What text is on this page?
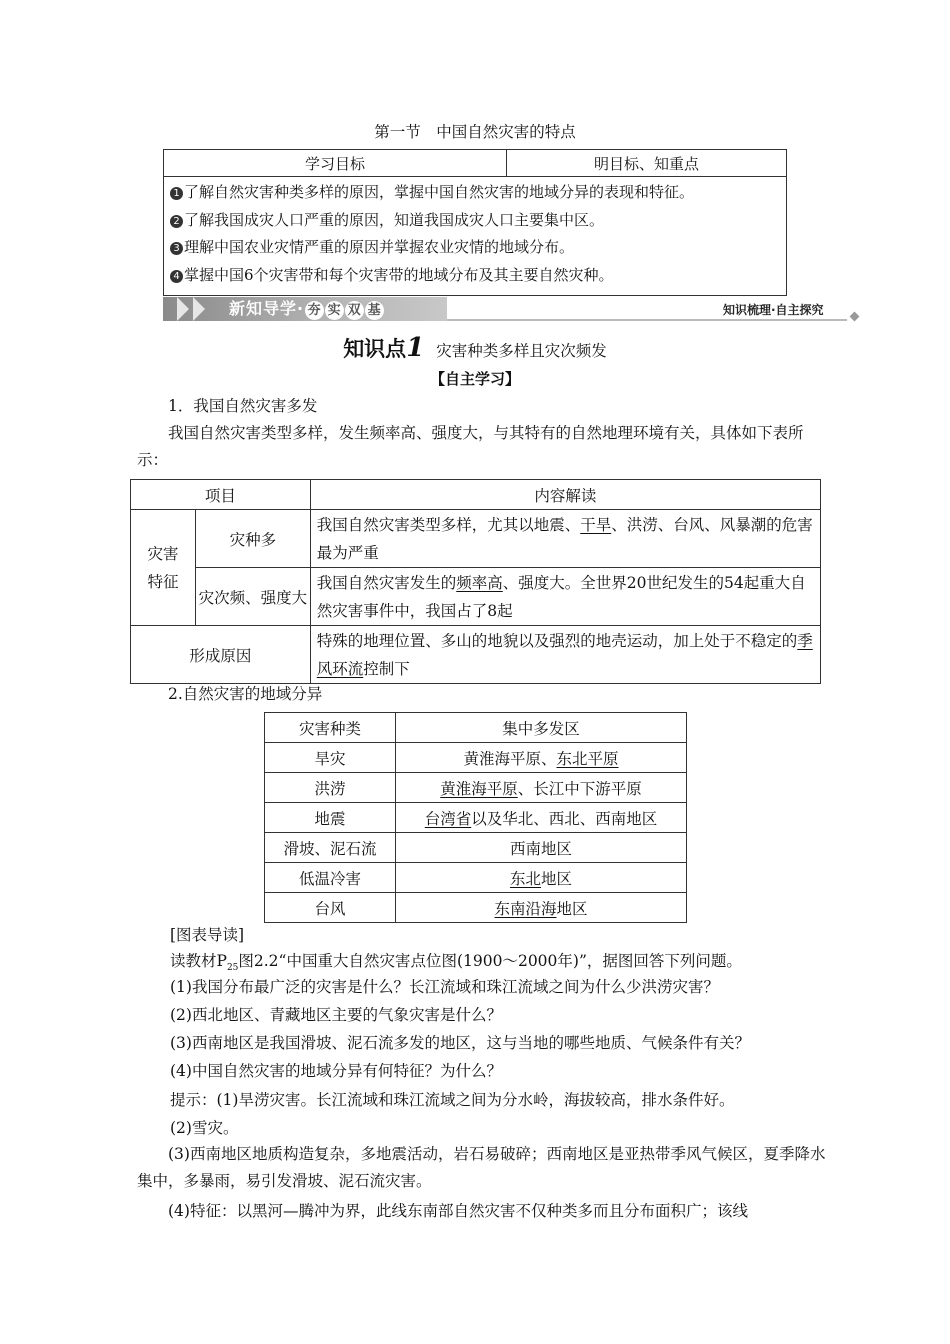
第一节　中国自然灾害的特点
学习目标	明目标、知重点

1 了解自然灾害种类多样的原因，掌握中国自然灾害的地域分异的表现和特征。
2 了解我国成灾人口严重的原因，知道我国成灾人口主要集中区。
3 理解中国农业灾情严重的原因并掌握农业灾情的地域分布。
4 掌握中国6个灾害带和每个灾害带的地域分布及其主要自然灾种。
新知导学· 夯 实 双 基	知识梳理·自主探究
知识点1 灾害种类多样且灾次频发
【自主学习】
1．我国自然灾害多发
我国自然灾害类型多样，发生频率高、强度大，与其特有的自然地理环境有关，具体如下表所示：
项目		内容解读

灾害特征	灾种多	我国自然灾害类型多样，尤其以地震、干旱、洪涝、台风、风暴潮的危害最为严重
	灾次频、强度大	我国自然灾害发生的频率高、强度大。全世界20世纪发生的54起重大自然灾害事件中，我国占了8起
形成原因		特殊的地理位置、多山的地貌以及强烈的地壳运动，加上处于不稳定的季风环流控制下
2.自然灾害的地域分异
灾害种类	集中多发区
旱灾	黄淮海平原、东北平原
洪涝	黄淮海平原、长江中下游平原
地震	台湾省以及华北、西北、西南地区
滑坡、泥石流	西南地区
低温冷害	东北地区
台风	东南沿海地区
[图表导读]
读教材$P_{25}$图2.2“中国重大自然灾害点位图(1900～2000年)”，据图回答下列问题。
(1)我国分布最广泛的灾害是什么？长江流域和珠江流域之间为什么少洪涝灾害？
(2)西北地区、青藏地区主要的气象灾害是什么？
(3)西南地区是我国滑坡、泥石流多发的地区，这与当地的哪些地质、气候条件有关？
(4)中国自然灾害的地域分异有何特征？为什么？
提示：(1)旱涝灾害。长江流域和珠江流域之间为分水岭，海拔较高，排水条件好。
(2)雪灾。
(3)西南地区地质构造复杂，多地震活动，岩石易破碎；西南地区是亚热带季风气候区，夏季降水集中，多暴雨，易引发滑坡、泥石流灾害。
(4)特征：以黑河—腾冲为界，此线东南部自然灾害不仅种类多而且分布面积广；该线
